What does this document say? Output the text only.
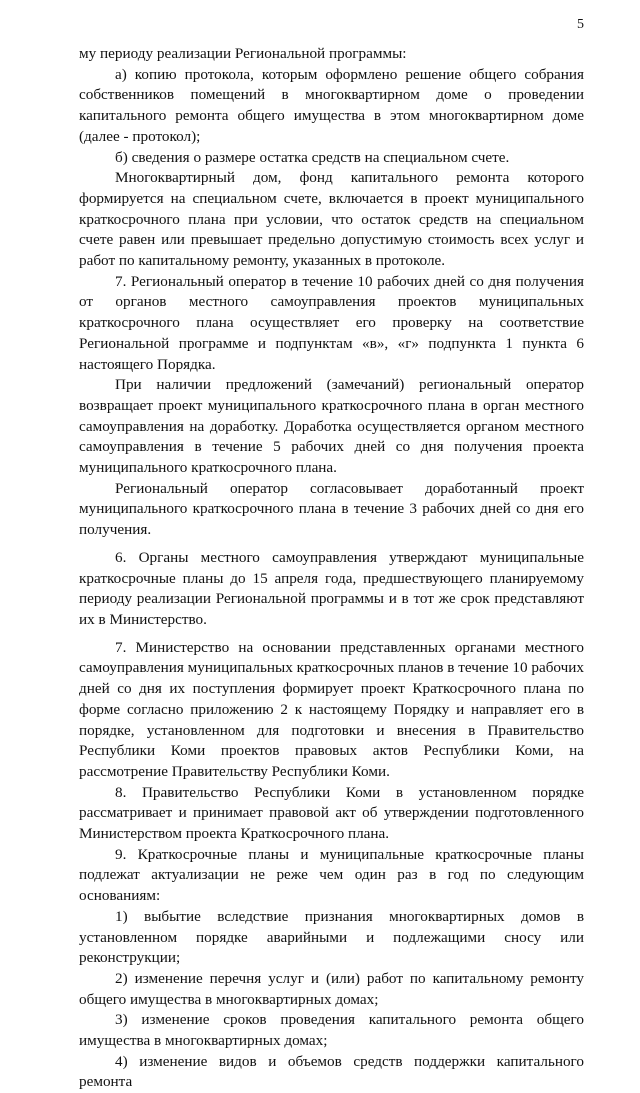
5

му периоду реализации Региональной программы:

а) копию протокола, которым оформлено решение общего собрания собственников помещений в многоквартирном доме о проведении капитального ремонта общего имущества в этом многоквартирном доме (далее - протокол);

б) сведения о размере остатка средств на специальном счете.

Многоквартирный дом, фонд капитального ремонта которого формируется на специальном счете, включается в проект муниципального краткосрочного плана при условии, что остаток средств на специальном счете равен или превышает предельно допустимую стоимость всех услуг и работ по капитальному ремонту, указанных в протоколе.

7. Региональный оператор в течение 10 рабочих дней со дня получения от органов местного самоуправления проектов муниципальных краткосрочного плана осуществляет его проверку на соответствие Региональной программе и подпунктам «в», «г» подпункта 1 пункта 6 настоящего Порядка.

При наличии предложений (замечаний) региональный оператор возвращает проект муниципального краткосрочного плана в орган местного самоуправления на доработку. Доработка осуществляется органом местного самоуправления в течение 5 рабочих дней со дня получения проекта муниципального краткосрочного плана.

Региональный оператор согласовывает доработанный проект муниципального краткосрочного плана в течение 3 рабочих дней со дня его получения.

6. Органы местного самоуправления утверждают муниципальные краткосрочные планы до 15 апреля года, предшествующего планируемому периоду реализации Региональной программы и в тот же срок представляют их в Министерство.

7. Министерство на основании представленных органами местного самоуправления муниципальных краткосрочных планов в течение 10 рабочих дней со дня их поступления формирует проект Краткосрочного плана по форме согласно приложению 2 к настоящему Порядку и направляет его в порядке, установленном для подготовки и внесения в Правительство Республики Коми проектов правовых актов Республики Коми, на рассмотрение Правительству Республики Коми.

8. Правительство Республики Коми в установленном порядке рассматривает и принимает правовой акт об утверждении подготовленного Министерством проекта Краткосрочного плана.

9. Краткосрочные планы и муниципальные краткосрочные планы подлежат актуализации не реже чем один раз в год по следующим основаниям:

1) выбытие вследствие признания многоквартирных домов в установленном порядке аварийными и подлежащими сносу или реконструкции;

2) изменение перечня услуг и (или) работ по капитальному ремонту общего имущества в многоквартирных домах;

3) изменение сроков проведения капитального ремонта общего имущества в многоквартирных домах;

4) изменение видов и объемов средств поддержки капитального ремонта
